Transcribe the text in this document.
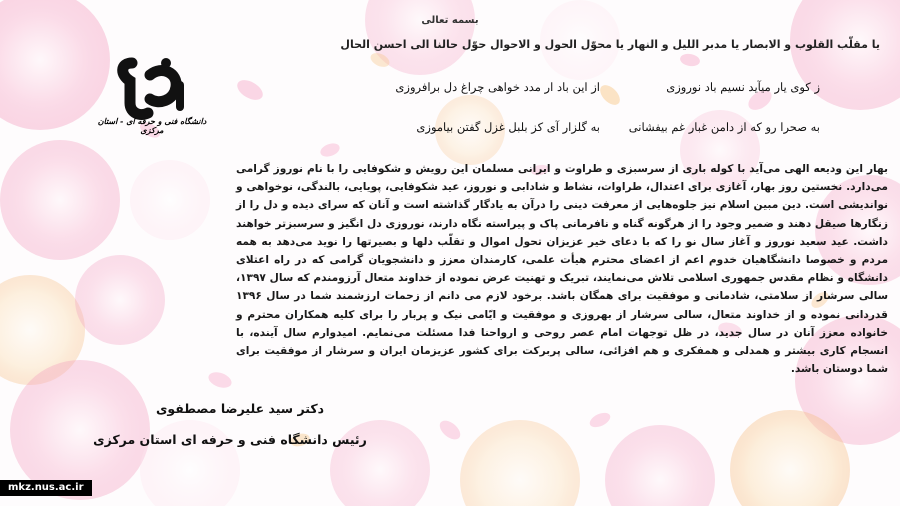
بسمه تعالی
یا مقلّب القلوب و الابصار یا مدبر اللیل و النهار یا محوّل الحول و الاحوال حوّل حالنا الی احسن الحال
دانشگاه فنی و حرفه ای - استان مرکزی
ز کوی یار میآید نسیم باد نوروزی
از این باد ار مدد خواهی چراغ دل برافروزی
به صحرا رو که از دامن غبار غم بیفشانی
به گلزار آی کز بلبل غزل گفتن بیاموزی
بهار این ودیعه الهی می‌آید با کوله باری از سرسبزی و طراوت و ایرانی مسلمان این رویش و شکوفایی را با نام نوروز گرامی می‌دارد. نخستین روز بهار، آغازی برای اعتدال، طراوات، نشاط و شادابی و نوروز، عید شکوفایی، پویایی، بالندگی، نوخواهی و نواندیشی است. دین مبین اسلام نیز جلوه‌هایی از معرفت دینی را درآن به یادگار گذاشته است و آنان که سرای دیده و دل را از زنگارها صیقل دهند و ضمیر وجود را از هرگونه گناه و نافرمانی پاک و پیراسته نگاه دارند، نوروزی دل انگیز و سرسبزتر خواهند داشت. عید سعید نوروز و آغاز سال نو را که با دعای خیر عزیزان تحول اموال و تقلّب دلها و بصیرتها را نوید می‌دهد به همه مردم و خصوصا دانشگاهیان خدوم اعم از اعضای محترم هیأت علمی، کارمندان معزز و دانشجویان گرامی که در راه اعتلای دانشگاه و نظام مقدس جمهوری اسلامی تلاش می‌نمایند، تبریک و تهنیت عرض نموده از خداوند متعال آرزومندم که سال ۱۳۹۷، سالی سرشار از سلامتی، شادمانی و موفقیت برای همگان باشد. برخود لازم می دانم از زحمات ارزشمند شما در سال ۱۳۹۶ قدردانی نموده و از خداوند متعال، سالی سرشار از بهروزی و موفقیت و ایّامی نیک و پربار را برای کلیه همکاران محترم و خانواده معزز آنان در سال جدید، در ظل توجهات امام عصر روحی و ارواحنا فدا مسئلت می‌نمایم. امیدوارم سال آینده، با انسجام کاری بیشتر و همدلی و همفکری و هم افزائی، سالی پربرکت برای کشور عزیزمان ایران و سرشار از موفقیت برای شما دوستان باشد.
دکتر سید علیرضا مصطفوی
رئیس دانشگاه فنی و حرفه ای استان مرکزی
mkz.nus.ac.ir
